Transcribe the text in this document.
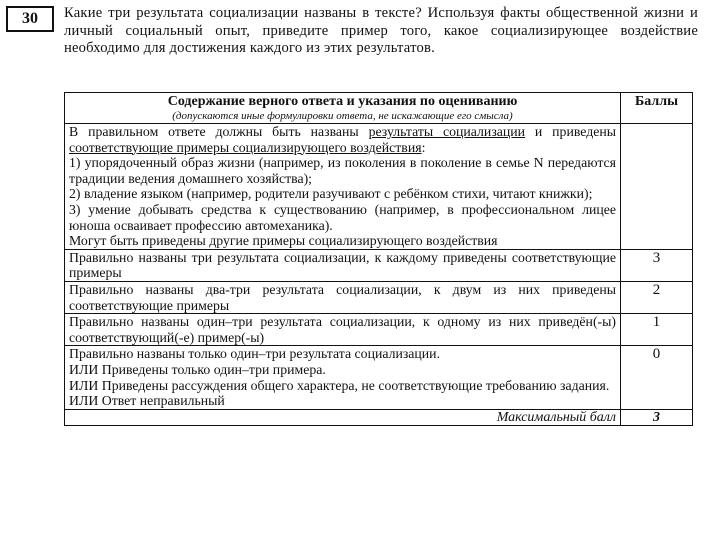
30	Какие три результата социализации названы в тексте? Используя факты общественной жизни и личный социальный опыт, приведите пример того, какое социализирующее воздействие необходимо для достижения каждого из этих результатов.
Содержание верного ответа и указания по оцениванию
(допускаются иные формулировки ответа, не искажающие его смысла)	Баллы

В правильном ответе должны быть названы результаты социализации и приведены соответствующие примеры социализирующего воздействия:

1) упорядоченный образ жизни (например, из поколения в поколение в семье N передаются традиции ведения домашнего хозяйства);

2) владение языком (например, родители разучивают с ребёнком стихи, читают книжки);

3) умение добывать средства к существованию (например, в профессиональном лицее юноша осваивает профессию автомеханика).

Могут быть приведены другие примеры социализирующего воздействия	

Правильно названы три результата социализации, к каждому приведены соответствующие примеры	3
Правильно названы два-три результата социализации, к двум из них приведены соответствующие примеры	2
Правильно названы один–три результата социализации, к одному из них приведён(-ы) соответствующий(-е) пример(-ы)	1

Правильно названы только один–три результата социализации.

ИЛИ Приведены только один–три примера.

ИЛИ Приведены рассуждения общего характера, не соответствующие требованию задания.

ИЛИ Ответ неправильный	0
Максимальный балл	3
